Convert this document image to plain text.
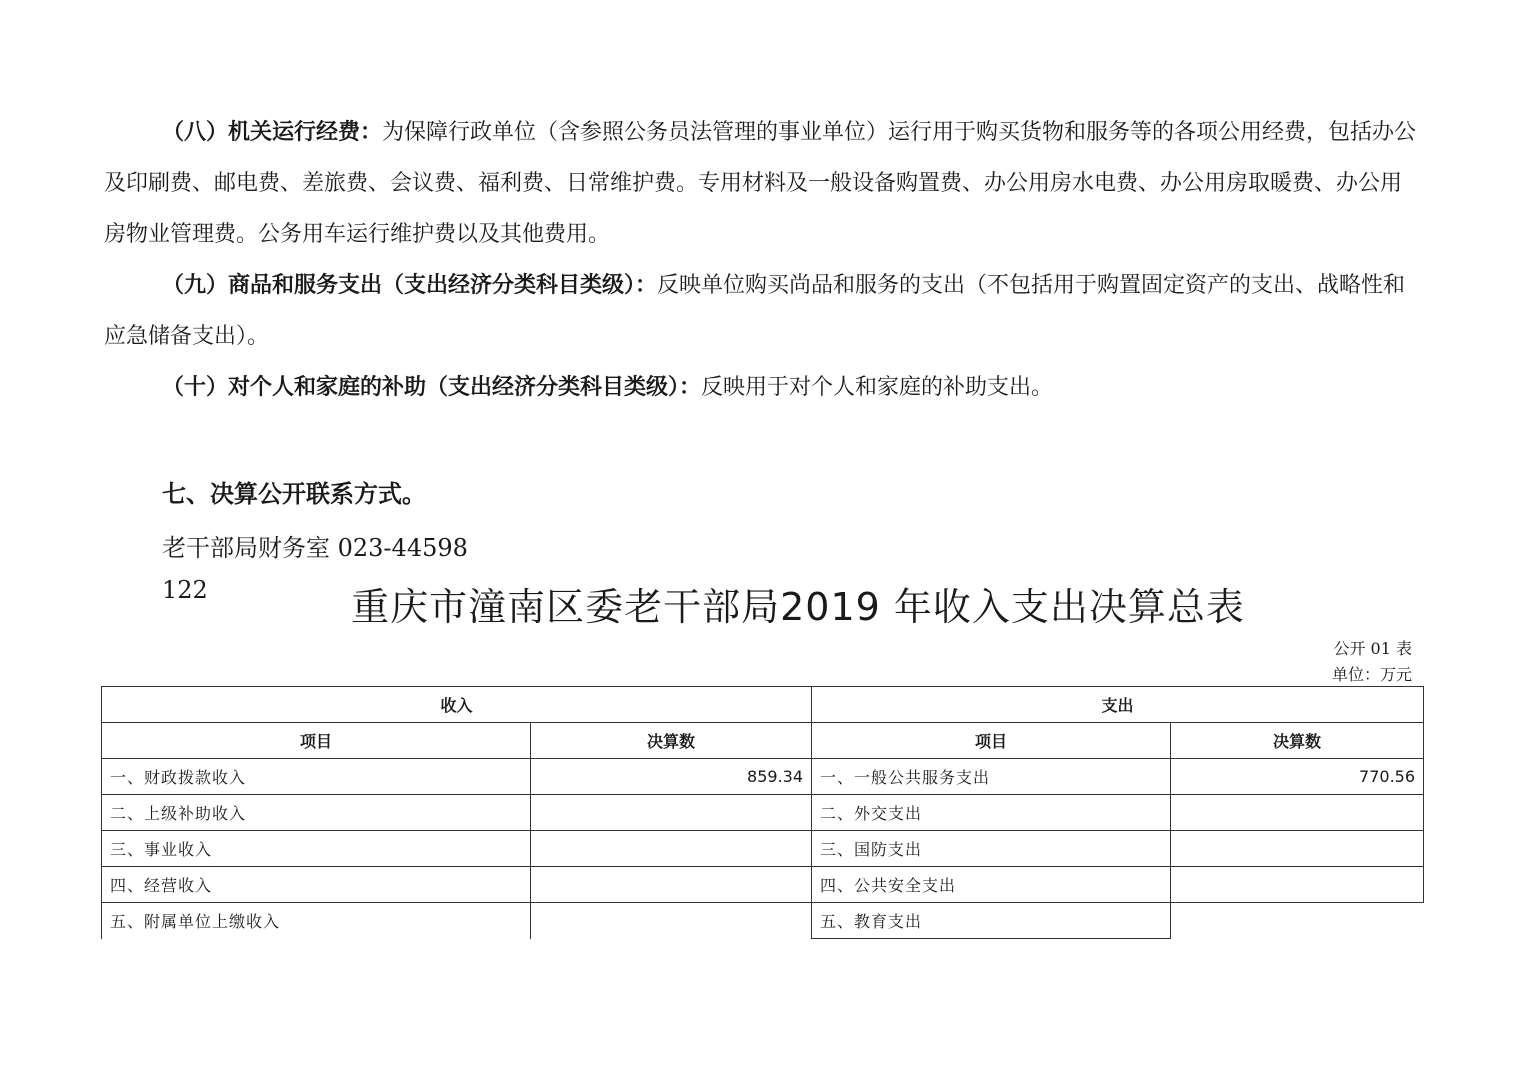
（八）机关运行经费：为保障行政单位（含参照公务员法管理的事业单位）运行用于购买货物和服务等的各项公用经费，包括办公及印刷费、邮电费、差旅费、会议费、福利费、日常维护费。专用材料及一般设备购置费、办公用房水电费、办公用房取暖费、办公用房物业管理费。公务用车运行维护费以及其他费用。
（九）商品和服务支出（支出经济分类科目类级）：反映单位购买尚品和服务的支出（不包括用于购置固定资产的支出、战略性和应急储备支出）。
（十）对个人和家庭的补助（支出经济分类科目类级）：反映用于对个人和家庭的补助支出。
七、决算公开联系方式。
老干部局财务室 023-44598
122	重庆市潼南区委老干部局2019 年收入支出决算总表
公开 01 表
单位：万元
收入		支出	
项目	决算数	项目	决算数
一、财政拨款收入	859.34	一、一般公共服务支出	770.56
二、上级补助收入		二、外交支出	
三、事业收入		三、国防支出	
四、经营收入		四、公共安全支出	
五、附属单位上缴收入		五、教育支出	
